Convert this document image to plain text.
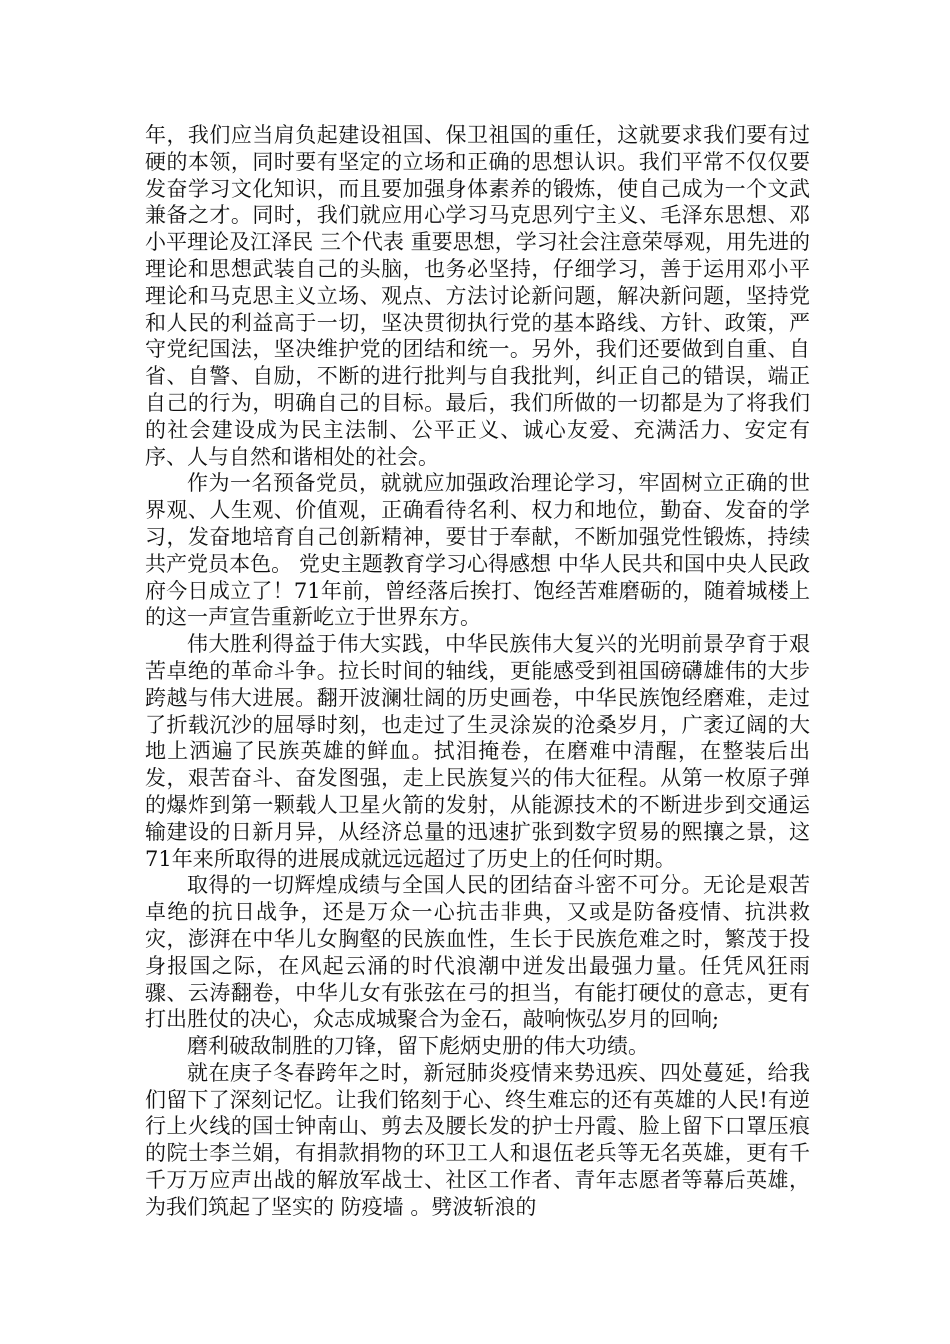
年，我们应当肩负起建设祖国、保卫祖国的重任，这就要求我们要有过硬的本领，同时要有坚定的立场和正确的思想认识。我们平常不仅仅要发奋学习文化知识，而且要加强身体素养的锻炼，使自己成为一个文武兼备之才。同时，我们就应用心学习马克思列宁主义、毛泽东思想、邓小平理论及江泽民 三个代表 重要思想，学习社会注意荣辱观，用先进的理论和思想武装自己的头脑，也务必坚持，仔细学习，善于运用邓小平理论和马克思主义立场、观点、方法讨论新问题，解决新问题，坚持党和人民的利益高于一切，坚决贯彻执行党的基本路线、方针、政策，严守党纪国法，坚决维护党的团结和统一。另外，我们还要做到自重、自省、自警、自励，不断的进行批判与自我批判，纠正自己的错误，端正自己的行为，明确自己的目标。最后，我们所做的一切都是为了将我们的社会建设成为民主法制、公平正义、诚心友爱、充满活力、安定有序、人与自然和谐相处的社会。

作为一名预备党员，就就应加强政治理论学习，牢固树立正确的世界观、人生观、价值观，正确看待名利、权力和地位，勤奋、发奋的学习，发奋地培育自己创新精神，要甘于奉献，不断加强党性锻炼，持续共产党员本色。 党史主题教育学习心得感想 中华人民共和国中央人民政府今日成立了！71年前，曾经落后挨打、饱经苦难磨砺的，随着城楼上的这一声宣告重新屹立于世界东方。

伟大胜利得益于伟大实践，中华民族伟大复兴的光明前景孕育于艰苦卓绝的革命斗争。拉长时间的轴线，更能感受到祖国磅礴雄伟的大步跨越与伟大进展。翻开波澜壮阔的历史画卷，中华民族饱经磨难，走过了折载沉沙的屈辱时刻，也走过了生灵涂炭的沧桑岁月，广袤辽阔的大地上洒遍了民族英雄的鲜血。拭泪掩卷，在磨难中清醒，在整装后出发，艰苦奋斗、奋发图强，走上民族复兴的伟大征程。从第一枚原子弹的爆炸到第一颗载人卫星火箭的发射，从能源技术的不断进步到交通运输建设的日新月异，从经济总量的迅速扩张到数字贸易的熙攘之景，这71年来所取得的进展成就远远超过了历史上的任何时期。

取得的一切辉煌成绩与全国人民的团结奋斗密不可分。无论是艰苦卓绝的抗日战争，还是万众一心抗击非典，又或是防备疫情、抗洪救灾，澎湃在中华儿女胸壑的民族血性，生长于民族危难之时，繁茂于投身报国之际，在风起云涌的时代浪潮中迸发出最强力量。任凭风狂雨骤、云涛翻卷，中华儿女有张弦在弓的担当，有能打硬仗的意志，更有打出胜仗的决心，众志成城聚合为金石，敲响恢弘岁月的回响;

磨利破敌制胜的刀锋，留下彪炳史册的伟大功绩。

就在庚子冬春跨年之时，新冠肺炎疫情来势迅疾、四处蔓延，给我们留下了深刻记忆。让我们铭刻于心、终生难忘的还有英雄的人民!有逆行上火线的国士钟南山、剪去及腰长发的护士丹霞、脸上留下口罩压痕的院士李兰娟，有捐款捐物的环卫工人和退伍老兵等无名英雄，更有千千万万应声出战的解放军战士、社区工作者、青年志愿者等幕后英雄，为我们筑起了坚实的 防疫墙 。劈波斩浪的
